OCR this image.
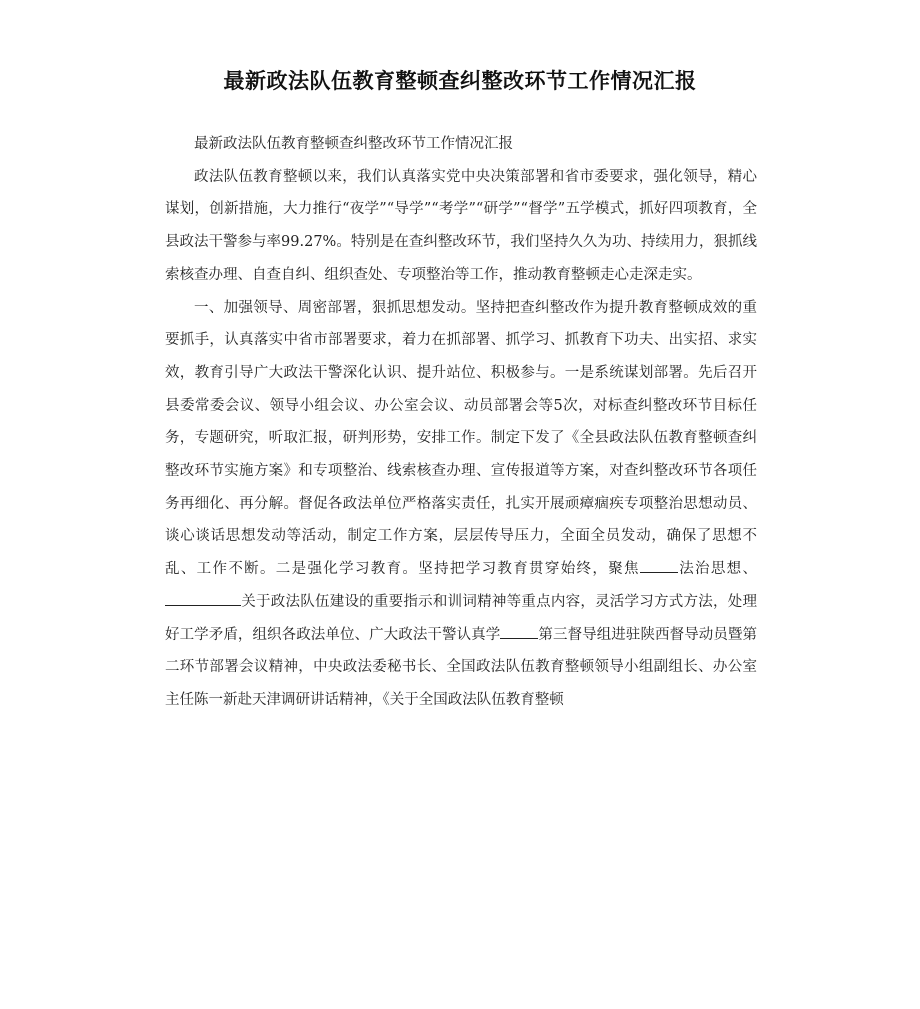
最新政法队伍教育整顿查纠整改环节工作情况汇报

最新政法队伍教育整顿查纠整改环节工作情况汇报

政法队伍教育整顿以来，我们认真落实党中央决策部署和省市委要求，强化领导，精心谋划，创新措施，大力推行“夜学”“导学”“考学”“研学”“督学”五学模式，抓好四项教育，全县政法干警参与率99.27%。特别是在查纠整改环节，我们坚持久久为功、持续用力，狠抓线索核查办理、自查自纠、组织查处、专项整治等工作，推动教育整顿走心走深走实。

一、加强领导、周密部署，狠抓思想发动。坚持把查纠整改作为提升教育整顿成效的重要抓手，认真落实中省市部署要求，着力在抓部署、抓学习、抓教育下功夫、出实招、求实效，教育引导广大政法干警深化认识、提升站位、积极参与。一是系统谋划部署。先后召开县委常委会议、领导小组会议、办公室会议、动员部署会等5次，对标查纠整改环节目标任务，专题研究，听取汇报，研判形势，安排工作。制定下发了《全县政法队伍教育整顿查纠整改环节实施方案》和专项整治、线索核查办理、宣传报道等方案，对查纠整改环节各项任务再细化、再分解。督促各政法单位严格落实责任，扎实开展顽瘴痼疾专项整治思想动员、谈心谈话思想发动等活动，制定工作方案，层层传导压力，全面全员发动，确保了思想不乱、工作不断。二是强化学习教育。坚持把学习教育贯穿始终，聚焦	法治思想、关于政法队伍建设的重要指示和训词精神等重点内容，灵活学习方式方法，处理好工学矛盾，组织各政法单位、广大政法干警认真学	第三督导组进驻陕西督导动员暨第二环节部署会议精神，中央政法委秘书长、全国政法队伍教育整顿领导小组副组长、办公室主任陈一新赴天津调研讲话精神，《关于全国政法队伍教育整顿
